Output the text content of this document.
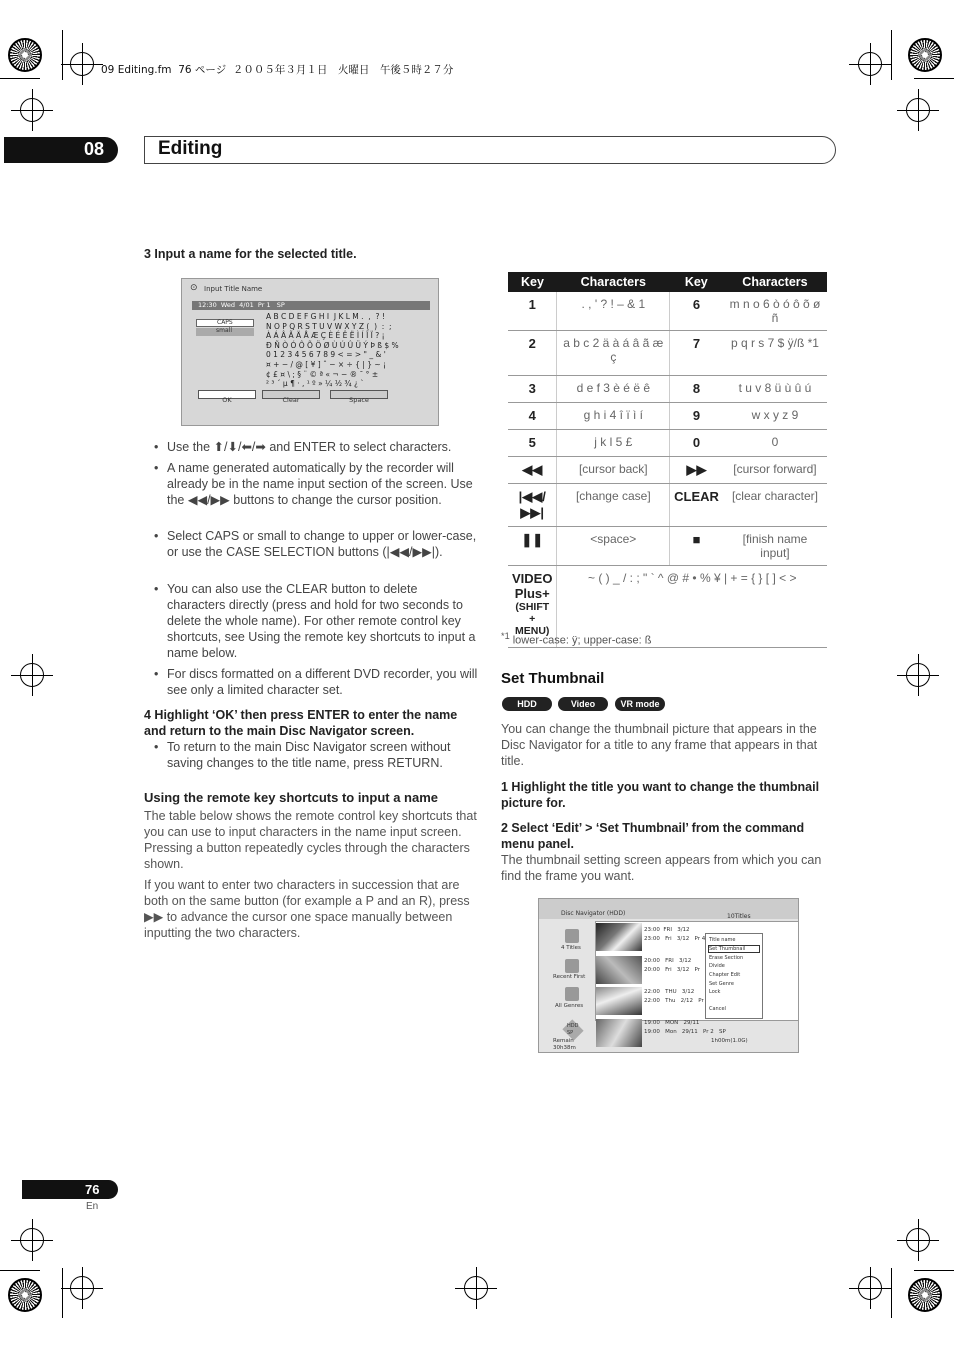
09 Editing.fm  76 ページ  ２００５年３月１日　火曜日　午後５時２７分
08	Editing
3 Input a name for the selected title.
⊙ Input Title Name
12:30  Wed  4/01  Pr 1   SP
CAPS
small
A B C D E F G H I  J K L M .  ,  ? !
N O P Q R S T U V W X Y Z (  )  :  ;
À Á Â Ã Ä Å Æ Ç È É Ê Ë Ì Í Î Ï ? ¡
Ð Ñ Ò Ó Ô Õ Ö Ø Ù Ú Û Ü Ý Þ ß $ %
0 1 2 3 4 5 6 7 8 9 < = > " _ & '
¤ + − / @ [ ¥ ] ˆ − × ÷ { | } ~ ¡
¢ £ ¤ \ ; § ¨ © ª « ¬ − ® ¯ ° ±
² ³ ´ µ ¶ · , ¹ º » ¼ ½ ¾ ¿ `
OK	Clear	Space
• Use the ⬆/⬇/⬅/➡ and ENTER to select characters.
• A name generated automatically by the recorder will already be in the name input section of the screen. Use the ◀◀/▶▶ buttons to change the cursor position.
• Select CAPS or small to change to upper or lower-case, or use the CASE SELECTION buttons (|◀◀/▶▶|).
• You can also use the CLEAR button to delete characters directly (press and hold for two seconds to delete the whole name). For other remote control key shortcuts, see Using the remote key shortcuts to input a name below.
• For discs formatted on a different DVD recorder, you will see only a limited character set.
4 Highlight ‘OK’ then press ENTER to enter the name and return to the main Disc Navigator screen.
• To return to the main Disc Navigator screen without saving changes to the title name, press RETURN.
Using the remote key shortcuts to input a name
The table below shows the remote control key shortcuts that you can use to input characters in the name input screen. Pressing a button repeatedly cycles through the characters shown.
If you want to enter two characters in succession that are both on the same button (for example a P and an R), press ▶▶ to advance the cursor one space manually between inputting the two characters.
Key	Characters	Key	Characters
1	. , ' ? ! – & 1	6	m n o 6 ò ó ô õ ø ñ
2	a b c 2 ä à á â ã æ ç	7	p q r s 7 $ ÿ/ß *1
3	d e f 3 è é ë ê	8	t u v 8 ü ù û ú
4	g h i 4 î ï ì í	9	w x y z 9
5	j k l 5 £	0	0
◀◀	[cursor back]	▶▶	[cursor forward]
|◀◀/ ▶▶|	[change case]	CLEAR	[clear character]
❚❚	<space>	■	[finish name input]

VIDEO Plus+
(SHIFT + MENU)	~ ( ) _ / : ; " ` ^ @ # • % ¥ | + = { } [ ] < >		
$^{*1}$ lower-case: ÿ; upper-case: ß
Set Thumbnail
HDD	Video mode
VR mode
You can change the thumbnail picture that appears in the Disc Navigator for a title to any frame that appears in that title.
1 Highlight the title you want to change the thumbnail picture for.
2 Select ‘Edit’ > ‘Set Thumbnail’ from the command menu panel.
The thumbnail setting screen appears from which you can find the frame you want.
Disc Navigator (HDD)	10Titles
4 Titles
Recent First
All Genres
HDD
SP
Remain
30h38m
23:00  FRI   3/12
23:00   Fri   3/12   Pr 4
20:00   FRI   3/12
20:00   Fri   3/12   Pr
22:00   THU   3/12
22:00   Thu   2/12   Pr
19:00   MON   29/11
19:00   Mon   29/11   Pr 2   SP
1h00m(1.0G)
Title name
Set Thumbnail
Erase Section
Divide
Chapter Edit
Set Genre
Lock
Cancel
76
En
